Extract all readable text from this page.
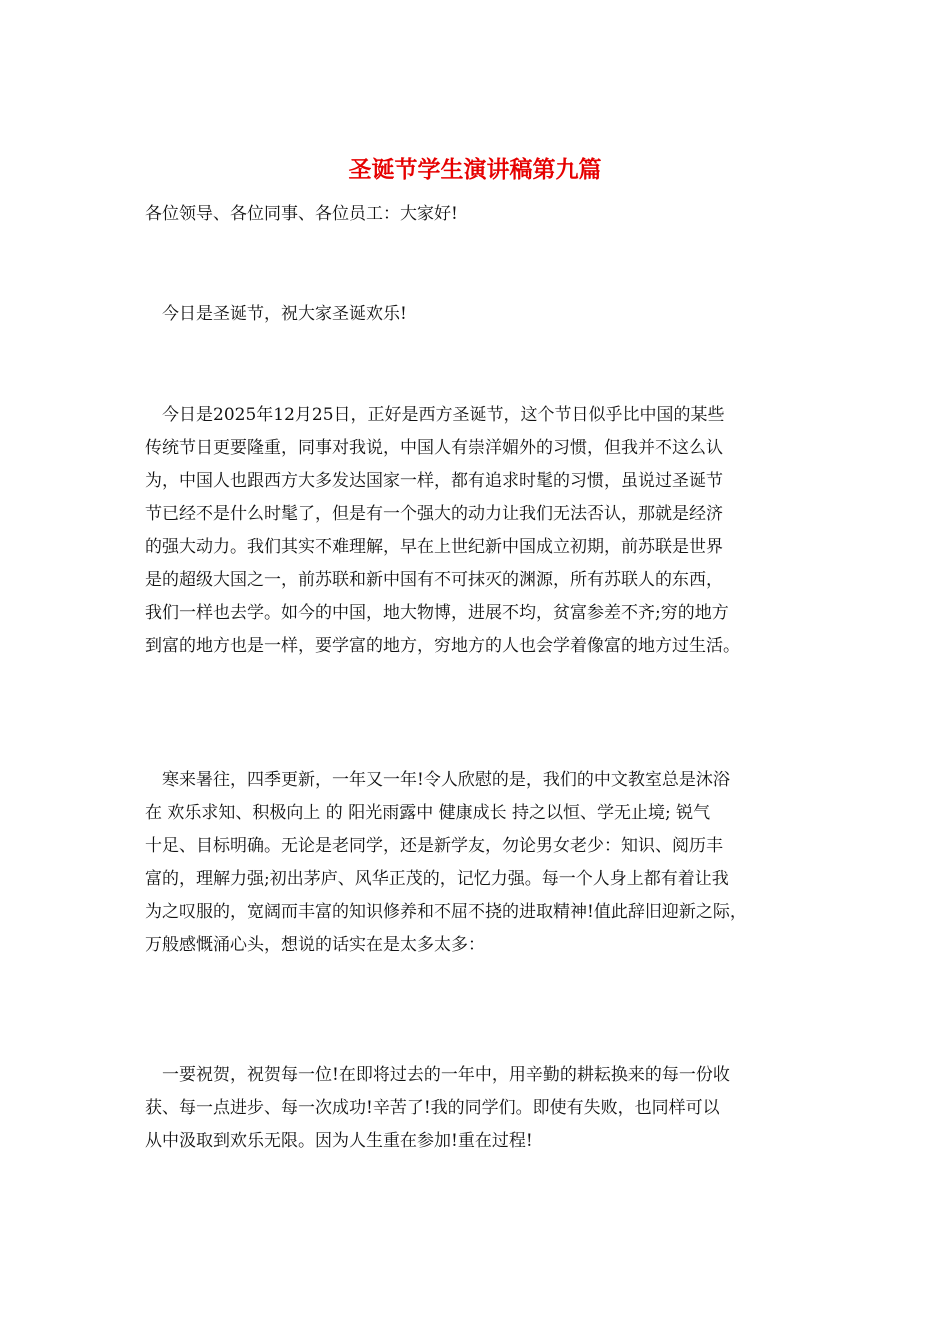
圣诞节学生演讲稿第九篇

各位领导、各位同事、各位员工：大家好!

　今日是圣诞节，祝大家圣诞欢乐!

　今日是2025年12月25日，正好是西方圣诞节，这个节日似乎比中国的某些
传统节日更要隆重，同事对我说，中国人有崇洋媚外的习惯，但我并不这么认
为，中国人也跟西方大多发达国家一样，都有追求时髦的习惯，虽说过圣诞节
节已经不是什么时髦了，但是有一个强大的动力让我们无法否认，那就是经济
的强大动力。我们其实不难理解，早在上世纪新中国成立初期，前苏联是世界
是的超级大国之一，前苏联和新中国有不可抹灭的渊源，所有苏联人的东西，
我们一样也去学。如今的中国，地大物博，进展不均，贫富参差不齐;穷的地方
到富的地方也是一样，要学富的地方，穷地方的人也会学着像富的地方过生活。

　寒来暑往，四季更新，一年又一年!令人欣慰的是，我们的中文教室总是沐浴
在 欢乐求知、积极向上 的 阳光雨露中 健康成长 持之以恒、学无止境; 锐气
十足、目标明确。无论是老同学，还是新学友，勿论男女老少：知识、阅历丰
富的，理解力强;初出茅庐、风华正茂的，记忆力强。每一个人身上都有着让我
为之叹服的，宽阔而丰富的知识修养和不屈不挠的进取精神!值此辞旧迎新之际，
万般感慨涌心头，想说的话实在是太多太多：

　一要祝贺，祝贺每一位!在即将过去的一年中，用辛勤的耕耘换来的每一份收
获、每一点进步、每一次成功!辛苦了!我的同学们。即使有失败，也同样可以
从中汲取到欢乐无限。因为人生重在参加!重在过程!
